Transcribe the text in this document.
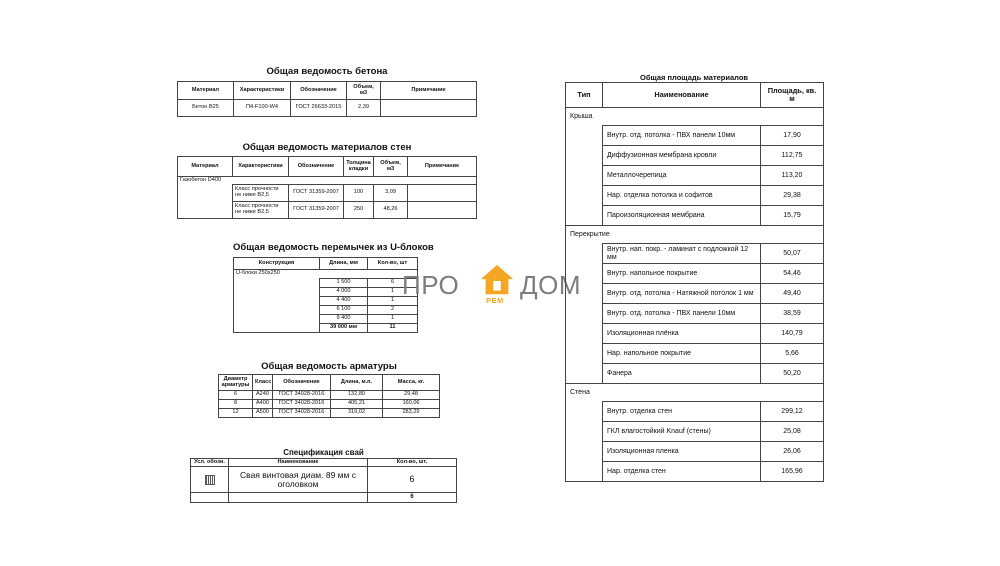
Общая ведомость бетона
Материал	Характеристики	Обозначение	Объем, м3	Примечание
Бетон В25	П4-F100-W4	ГОСТ 26633-2015	2,39	
Общая ведомость материалов стен
Материал	Характеристики	Обозначение	Толщина кладки	Объем, м3	Примечание
Газобетон D400					
	Класс прочности не ниже B2,5	ГОСТ 31359-2007	100	3,09	
	Класс прочности не ниже B2,5	ГОСТ 31359-2007	250	48,26	
Общая ведомость перемычек из U-блоков
Конструкция	Длина, мм	Кол-во, шт
U-блоки 250x250		
	1 500	6
	4 000	1
	4 400	1
	6 100	2
	9 400	1
	39 000 мм	11
Общая ведомость арматуры
Диаметр арматуры	Класс	Обозначение	Длина, м.п.	Масса, кг.
6	А240	ГОСТ 34028-2016	132,80	29,48
8	А400	ГОСТ 34028-2016	405,21	160,06
12	А500	ГОСТ 34028-2016	319,02	283,29
Спецификация свай
Усл. обозн.	Наименование	Кол-во, шт.

	Свая винтовая диам. 89 мм с оголовком	6
		6
ПРО
РЕМ
ДОМ
Общая площадь материалов
Тип	Наименование	Площадь, кв. м
Крыша		
	Внутр. отд. потолка - ПВХ панели 10мм	17,90
	Диффузионная мембрана кровли	112,75
	Металлочерепица	113,20
	Нар. отделка потолка и софитов	29,38
	Пароизоляционная мембрана	15,79
Перекрытие		
	Внутр. нап. покр. - ламинат с подложкой 12 мм	50,07
	Внутр. напольное покрытие	54,46
	Внутр. отд. потолка - Натяжной потолок 1 мм	49,40
	Внутр. отд. потолка - ПВХ панели 10мм	38,59
	Изоляционная плёнка	140,79
	Нар. напольное покрытие	5,66
	Фанера	50,20
Стена		
	Внутр. отделка стен	299,12
	ГКЛ влагостойкий Knauf (стены)	25,08
	Изоляционная пленка	26,06
	Нар. отделка стен	165,96
